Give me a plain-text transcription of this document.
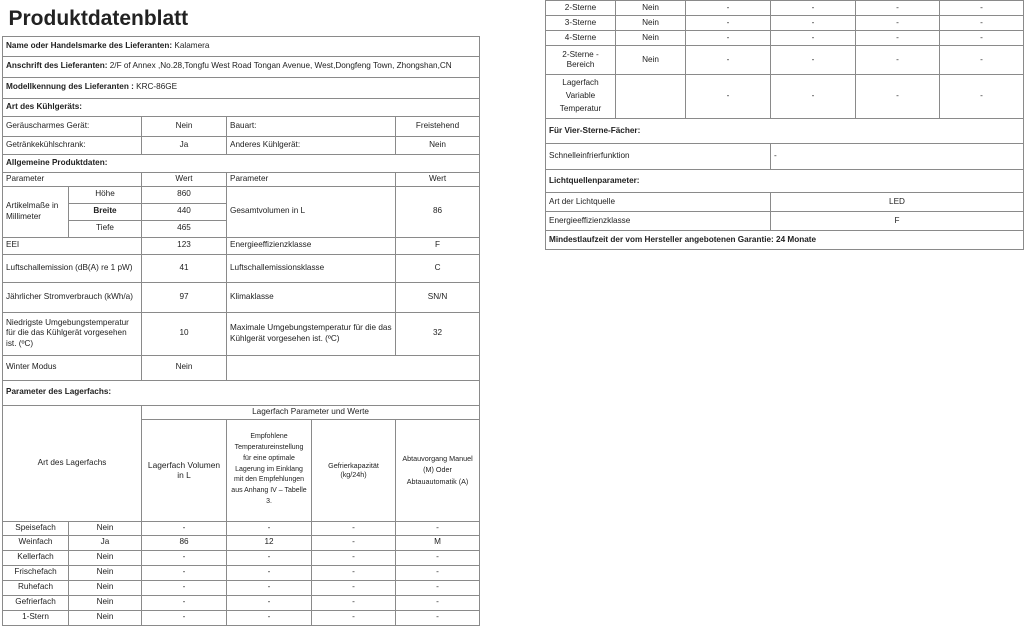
Produktdatenblatt					
Name oder Handelsmarke des Lieferanten: Kalamera					
Anschrift des Lieferanten: 2/F of Annex ,No.28,Tongfu West Road Tongan Avenue, West,Dongfeng Town, Zhongshan,CN					
Modellkennung des Lieferanten : KRC-86GE					
Art des Kühlgeräts:					
Geräuscharmes Gerät:		Nein	Bauart:		Freistehend
Getränkekühlschrank:		Ja	Anderes Kühlgerät:		Nein
Allgemeine Produktdaten:					
Parameter		Wert	Parameter		Wert
Artikelmaße in Millimeter	Höhe	860	Gesamtvolumen in L		86
	Breite	440			
	Tiefe	465			
EEI		123	Energieeffizienzklasse		F
Luftschallemission (dB(A) re 1 pW)		41	Luftschallemissionsklasse		C
Jährlicher Stromverbrauch (kWh/a)		97	Klimaklasse		SN/N
Niedrigste Umgebungstemperatur für die das Kühlgerät vorgesehen ist. (ºC)		10	Maximale Umgebungstemperatur für die das Kühlgerät vorgesehen ist. (ºC)		32
Winter Modus		Nein			
Parameter des Lagerfachs:					
Art des Lagerfachs		Lagerfach Parameter und Werte			
		Lagerfach Volumen in L	Empfohlene Temperatureinstellung für eine optimale Lagerung im Einklang mit den Empfehlungen aus Anhang IV – Tabelle 3.	Gefrierkapazität (kg/24h)	Abtauvorgang Manuel (M) Oder Abtauautomatik (A)
Speisefach	Nein	-	-	-	-
Weinfach	Ja	86	12	-	M
Kellerfach	Nein	-	-	-	-
Frischefach	Nein	-	-	-	-
Ruhefach	Nein	-	-	-	-
Gefrierfach	Nein	-	-	-	-
1-Stern	Nein	-	-	-	-
2-Sterne	Nein	-	-	-	-
3-Sterne	Nein	-	-	-	-
4-Sterne	Nein	-	-	-	-
2-Sterne - Bereich	Nein	-	-	-	-
Lagerfach Variable Temperatur		-	-	-	-
Für Vier-Sterne-Fächer:					
Schnelleinfrierfunktion			-		
Lichtquellenparameter:					
Art der Lichtquelle			LED		
Energieeffizienzklasse			F		
Mindestlaufzeit der vom Hersteller angebotenen Garantie: 24 Monate					
